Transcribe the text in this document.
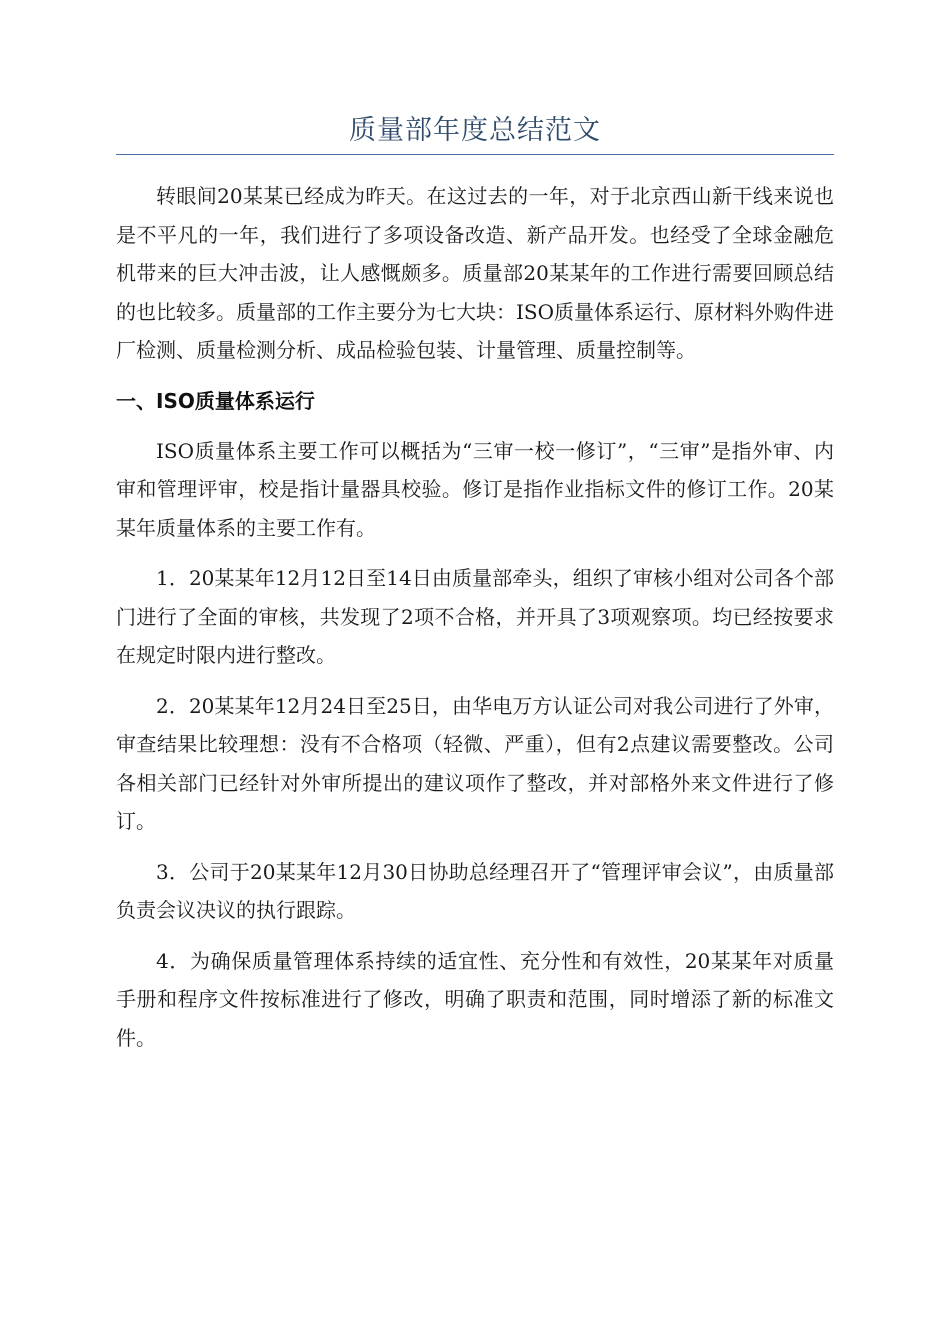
质量部年度总结范文

转眼间20某某已经成为昨天。在这过去的一年，对于北京西山新干线来说也是不平凡的一年，我们进行了多项设备改造、新产品开发。也经受了全球金融危机带来的巨大冲击波，让人感慨颇多。质量部20某某年的工作进行需要回顾总结的也比较多。质量部的工作主要分为七大块：ISO质量体系运行、原材料外购件进厂检测、质量检测分析、成品检验包装、计量管理、质量控制等。

一、ISO质量体系运行

ISO质量体系主要工作可以概括为“三审一校一修订”，“三审”是指外审、内审和管理评审，校是指计量器具校验。修订是指作业指标文件的修订工作。20某某年质量体系的主要工作有。

1．20某某年12月12日至14日由质量部牵头，组织了审核小组对公司各个部门进行了全面的审核，共发现了2项不合格，并开具了3项观察项。均已经按要求在规定时限内进行整改。

2．20某某年12月24日至25日，由华电万方认证公司对我公司进行了外审，审查结果比较理想：没有不合格项（轻微、严重），但有2点建议需要整改。公司各相关部门已经针对外审所提出的建议项作了整改，并对部格外来文件进行了修订。

3．公司于20某某年12月30日协助总经理召开了“管理评审会议”，由质量部负责会议决议的执行跟踪。

4．为确保质量管理体系持续的适宜性、充分性和有效性，20某某年对质量手册和程序文件按标准进行了修改，明确了职责和范围，同时增添了新的标准文件。
